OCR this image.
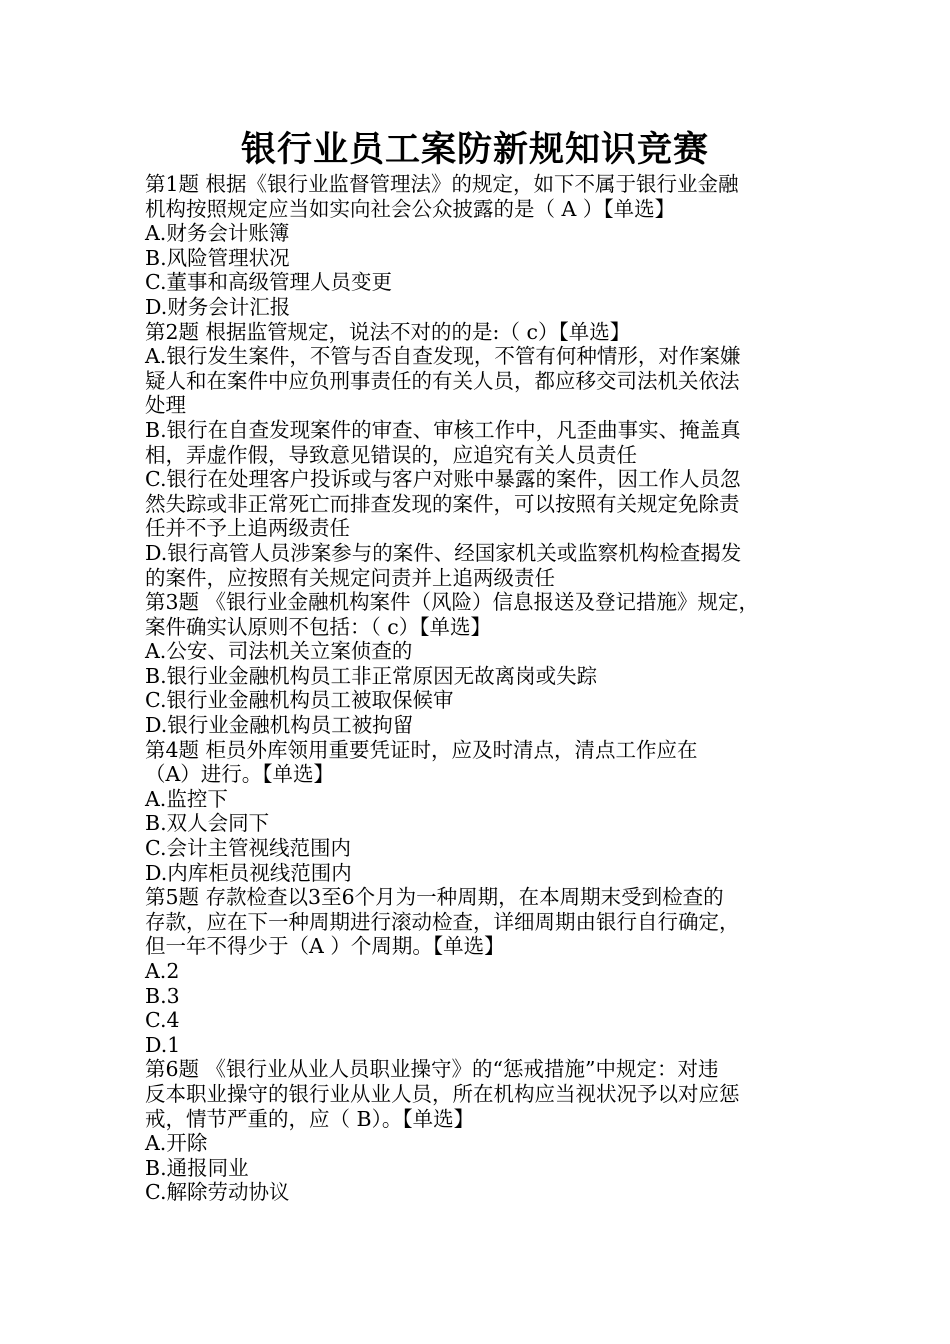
银行业员工案防新规知识竞赛
第1题 根据《银行业监督管理法》的规定，如下不属于银行业金融
机构按照规定应当如实向社会公众披露的是（ A ）【单选】
A.财务会计账簿
B.风险管理状况
C.董事和高级管理人员变更
D.财务会计汇报
第2题 根据监管规定，说法不对的的是:（ c）【单选】
A.银行发生案件，不管与否自查发现，不管有何种情形，对作案嫌
疑人和在案件中应负刑事责任的有关人员，都应移交司法机关依法
处理
B.银行在自查发现案件的审查、审核工作中，凡歪曲事实、掩盖真
相，弄虚作假，导致意见错误的，应追究有关人员责任
C.银行在处理客户投诉或与客户对账中暴露的案件，因工作人员忽
然失踪或非正常死亡而排查发现的案件，可以按照有关规定免除责
任并不予上追两级责任
D.银行高管人员涉案参与的案件、经国家机关或监察机构检查揭发
的案件，应按照有关规定问责并上追两级责任
第3题 《银行业金融机构案件（风险）信息报送及登记措施》规定，
案件确实认原则不包括：（ c）【单选】
A.公安、司法机关立案侦查的
B.银行业金融机构员工非正常原因无故离岗或失踪
C.银行业金融机构员工被取保候审
D.银行业金融机构员工被拘留
第4题 柜员外库领用重要凭证时，应及时清点，清点工作应在
（A）进行。【单选】
A.监控下
B.双人会同下
C.会计主管视线范围内
D.内库柜员视线范围内
第5题 存款检查以3至6个月为一种周期，在本周期末受到检查的
存款，应在下一种周期进行滚动检查，详细周期由银行自行确定，
但一年不得少于（A ）个周期。【单选】
A.2
B.3
C.4
D.1
第6题 《银行业从业人员职业操守》的“惩戒措施”中规定：对违
反本职业操守的银行业从业人员，所在机构应当视状况予以对应惩
戒，情节严重的，应（ B）。【单选】
A.开除
B.通报同业
C.解除劳动协议
